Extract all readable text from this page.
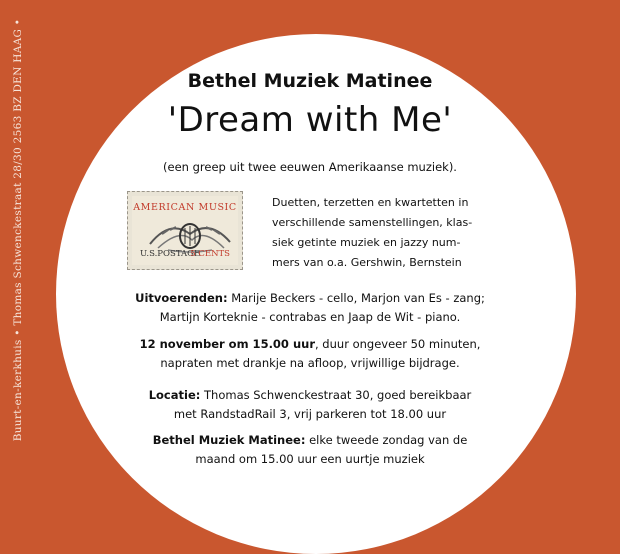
Buurt-en-kerkhuis • Thomas Schwenckestraat 28/30 2563 BZ DEN HAAG •	Bethel Muziek Matinee
'Dream with Me'
(een greep uit twee eeuwen Amerikaanse muziek).
AMERICAN MUSIC
U.S.POSTAGE
5 CENTS
Duetten, terzetten en kwartetten in
verschillende samenstellingen, klas-
siek getinte muziek en jazzy num-
mers van o.a. Gershwin, Bernstein
Uitvoerenden: Marije Beckers - cello, Marjon van Es - zang;
Martijn Korteknie - contrabas en Jaap de Wit - piano.
12 november om 15.00 uur, duur ongeveer 50 minuten,
napraten met drankje na afloop, vrijwillige bijdrage.
Locatie: Thomas Schwenckestraat 30, goed bereikbaar
met RandstadRail 3, vrij parkeren tot 18.00 uur
Bethel Muziek Matinee: elke tweede zondag van de
maand om 15.00 uur een uurtje muziek
